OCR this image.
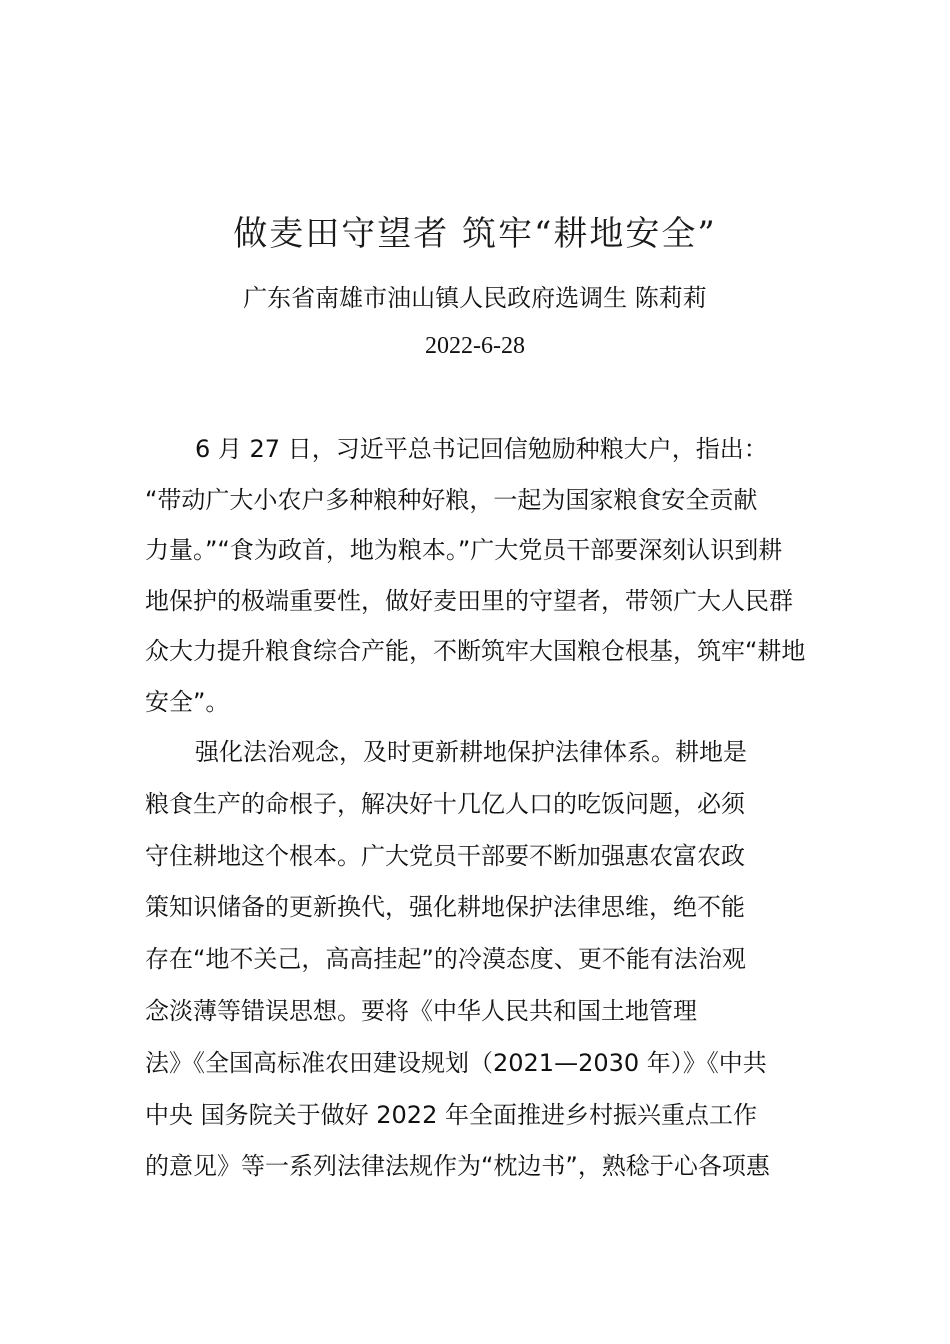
做麦田守望者 筑牢“耕地安全”
广东省南雄市油山镇人民政府选调生 陈莉莉
2022-6-28
6 月 27 日，习近平总书记回信勉励种粮大户，指出：
“带动广大小农户多种粮种好粮，一起为国家粮食安全贡献
力量。”“食为政首，地为粮本。”广大党员干部要深刻认识到耕
地保护的极端重要性，做好麦田里的守望者，带领广大人民群
众大力提升粮食综合产能，不断筑牢大国粮仓根基，筑牢“耕地
安全”。
强化法治观念，及时更新耕地保护法律体系。耕地是
粮食生产的命根子，解决好十几亿人口的吃饭问题，必须
守住耕地这个根本。广大党员干部要不断加强惠农富农政
策知识储备的更新换代，强化耕地保护法律思维，绝不能
存在“地不关己，高高挂起”的冷漠态度、更不能有法治观
念淡薄等错误思想。要将《中华人民共和国土地管理
法》《全国高标准农田建设规划（2021—2030 年）》《中共
中央 国务院关于做好 2022 年全面推进乡村振兴重点工作
的意见》等一系列法律法规作为“枕边书”，熟稔于心各项惠
